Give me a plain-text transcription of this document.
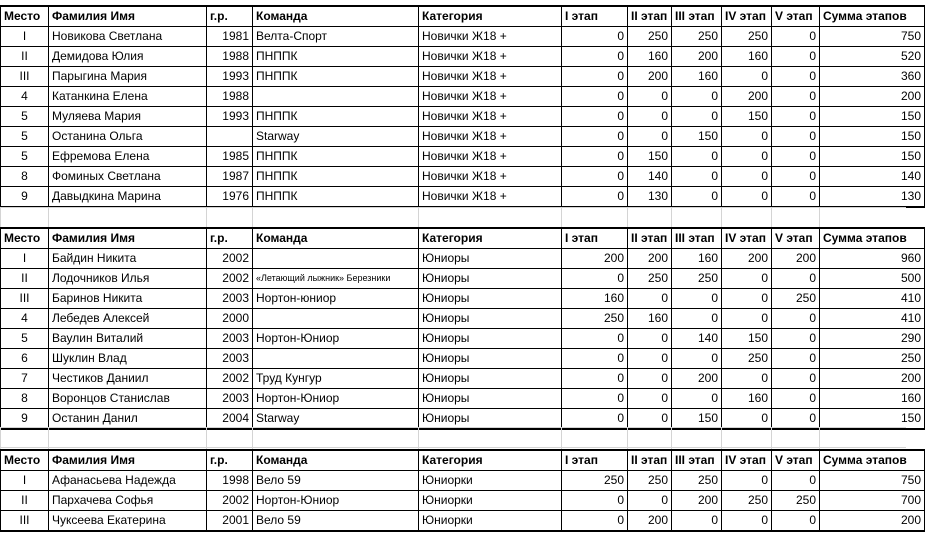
Место	Фамилия Имя	г.р.	Команда	Категория	I этап	II этап	III этап	IV этап	V этап	Сумма этапов
I	Новикова Светлана	1981	Велта-Спорт	Новички Ж18 +	0	250	250	250	0	750
II	Демидова Юлия	1988	ПНППК	Новички Ж18 +	0	160	200	160	0	520
III	Парыгина Мария	1993	ПНППК	Новички Ж18 +	0	200	160	0	0	360
4	Катанкина Елена	1988		Новички Ж18 +	0	0	0	200	0	200
5	Муляева Мария	1993	ПНППК	Новички Ж18 +	0	0	0	150	0	150
5	Останина Ольга		Starway	Новички Ж18 +	0	0	150	0	0	150
5	Ефремова Елена	1985	ПНППК	Новички Ж18 +	0	150	0	0	0	150
8	Фоминых Светлана	1987	ПНППК	Новички Ж18 +	0	140	0	0	0	140
9	Давыдкина Марина	1976	ПНППК	Новички Ж18 +	0	130	0	0	0	130
Место	Фамилия Имя	г.р.	Команда	Категория	I этап	II этап	III этап	IV этап	V этап	Сумма этапов
I	Байдин Никита	2002		Юниоры	200	200	160	200	200	960
II	Лодочников Илья	2002	«Летающий лыжник» Березники	Юниоры	0	250	250	0	0	500
III	Баринов Никита	2003	Нортон-юниор	Юниоры	160	0	0	0	250	410
4	Лебедев Алексей	2000		Юниоры	250	160	0	0	0	410
5	Ваулин Виталий	2003	Нортон-Юниор	Юниоры	0	0	140	150	0	290
6	Шуклин Влад	2003		Юниоры	0	0	0	250	0	250
7	Честиков Даниил	2002	Труд Кунгур	Юниоры	0	0	200	0	0	200
8	Воронцов Станислав	2003	Нортон-Юниор	Юниоры	0	0	0	160	0	160
9	Останин Данил	2004	Starway	Юниоры	0	0	150	0	0	150
Место	Фамилия Имя	г.р.	Команда	Категория	I этап	II этап	III этап	IV этап	V этап	Сумма этапов
I	Афанасьева Надежда	1998	Вело 59	Юниорки	250	250	250	0	0	750
II	Пархачева Софья	2002	Нортон-Юниор	Юниорки	0	0	200	250	250	700
III	Чуксеева Екатерина	2001	Вело 59	Юниорки	0	200	0	0	0	200
